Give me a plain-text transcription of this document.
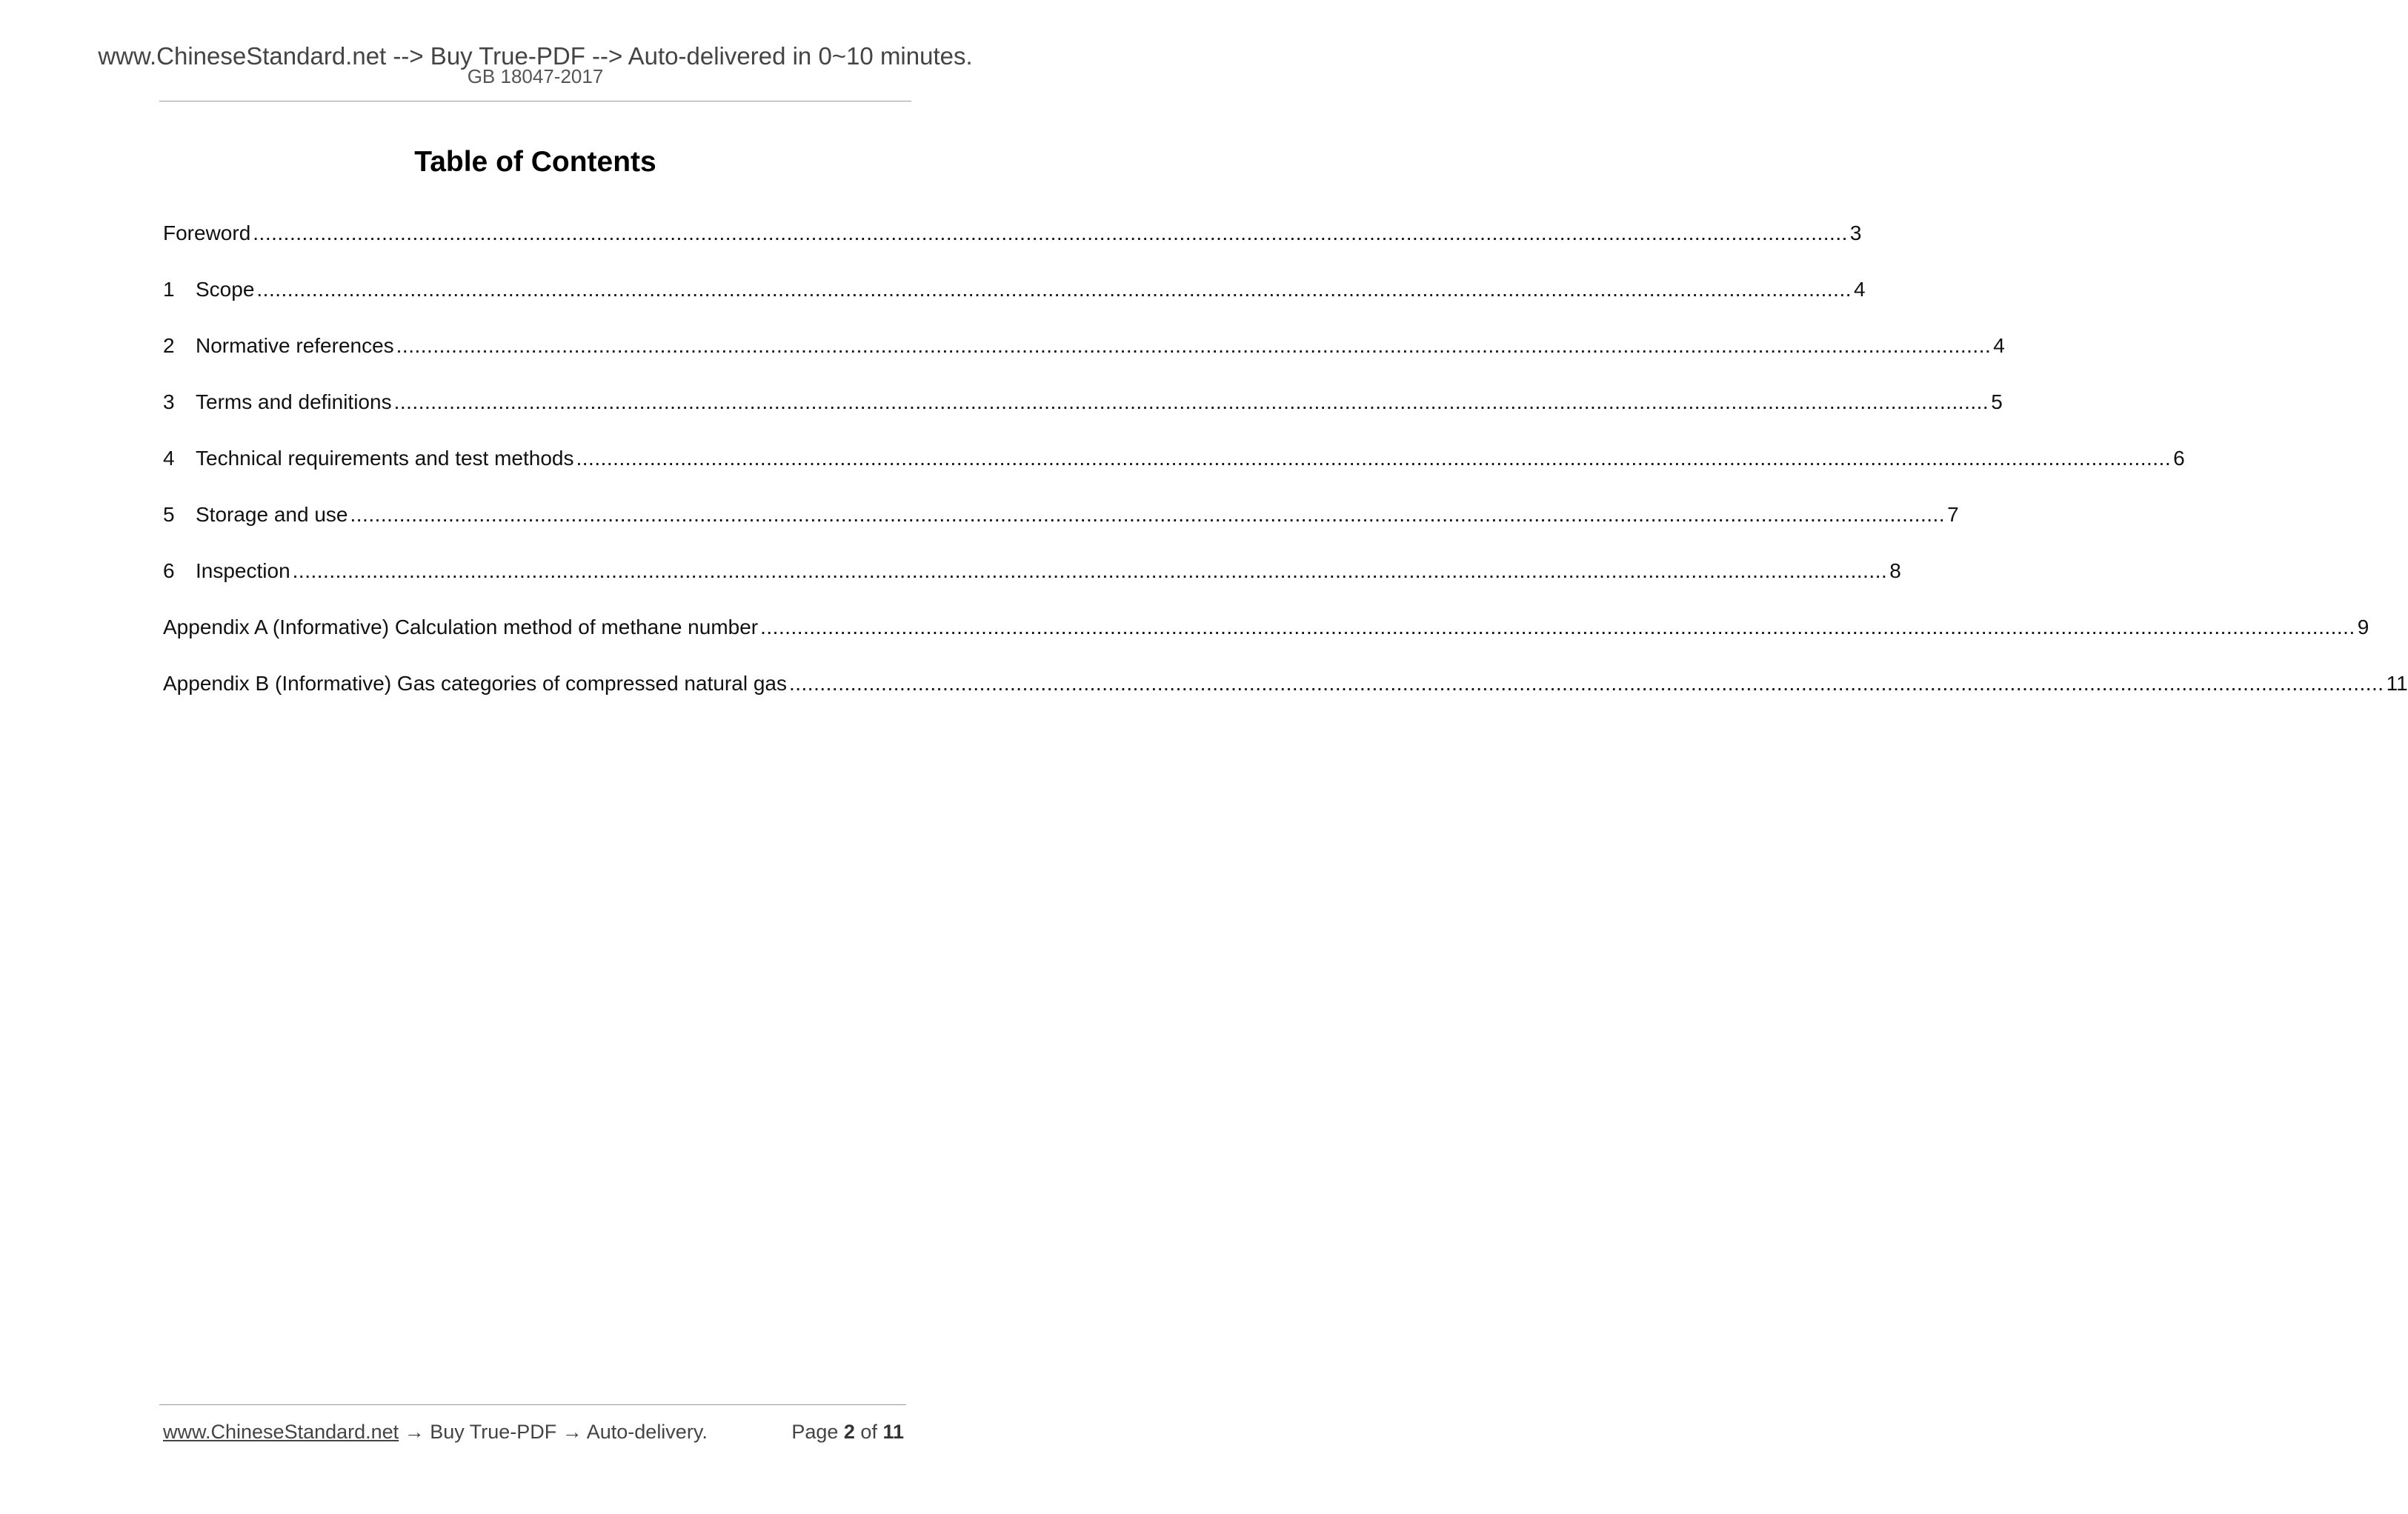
www.ChineseStandard.net --> Buy True-PDF --> Auto-delivered in 0~10 minutes.
GB 18047-2017
Table of Contents
Foreword .................................................................................................................................................................................................................................................................... 3
1	Scope .................................................................................................................................................................................................................................................................... 4
2	Normative references .................................................................................................................................................................................................................................................................... 4
3	Terms and definitions .................................................................................................................................................................................................................................................................... 5
4	Technical requirements and test methods .................................................................................................................................................................................................................................................................... 6
5	Storage and use .................................................................................................................................................................................................................................................................... 7
6	Inspection .................................................................................................................................................................................................................................................................... 8
Appendix A (Informative) Calculation method of methane number .................................................................................................................................................................................................................................................................... 9
Appendix B (Informative) Gas categories of compressed natural gas .................................................................................................................................................................................................................................................................... 11
www.ChineseStandard.net → Buy True-PDF → Auto-delivery.	Page 2 of 11
